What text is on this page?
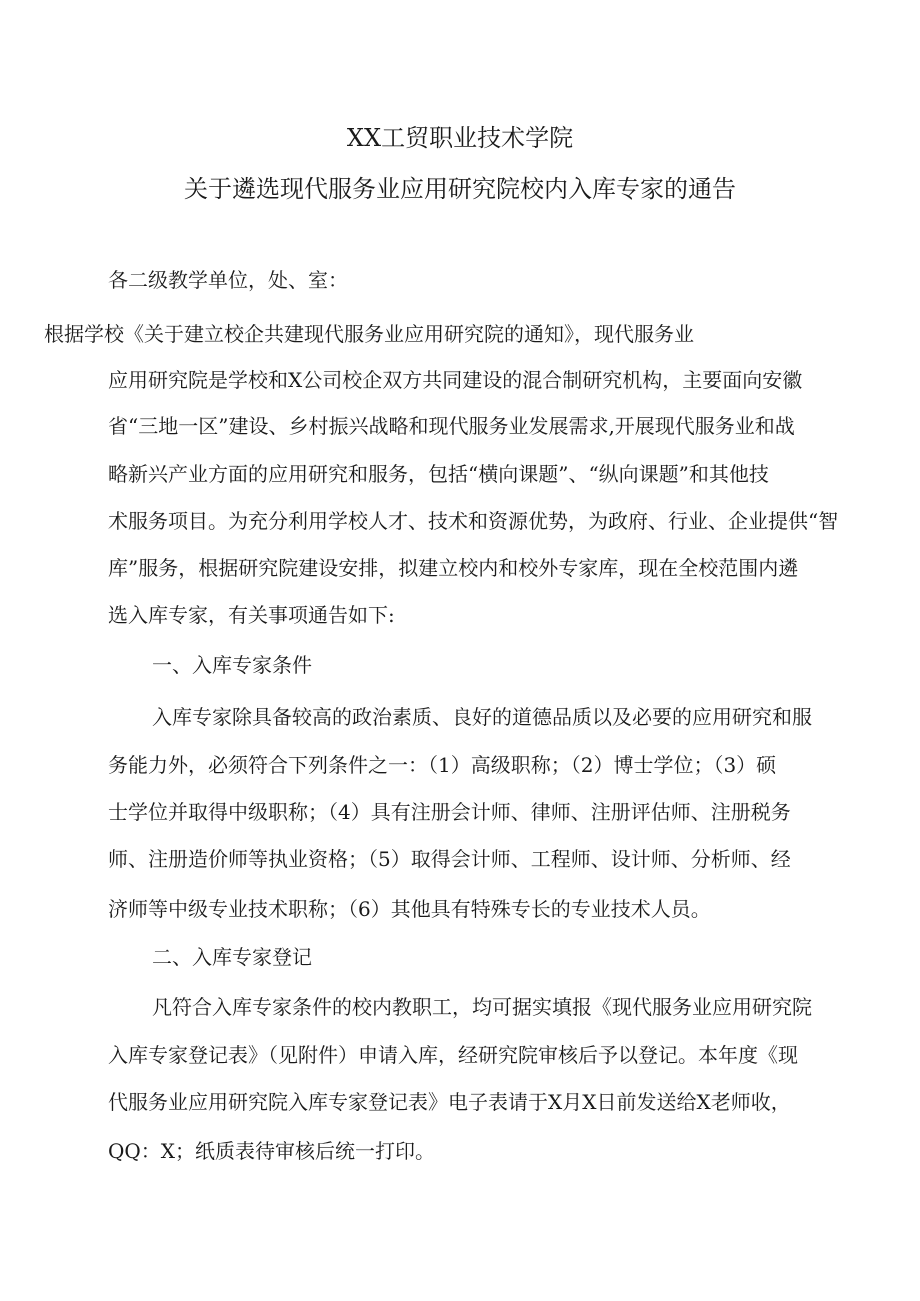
XX工贸职业技术学院
关于遴选现代服务业应用研究院校内入库专家的通告

各二级教学单位，处、室：

根据学校《关于建立校企共建现代服务业应用研究院的通知》，现代服务业

应用研究院是学校和X公司校企双方共同建设的混合制研究机构，主要面向安徽

省“三地一区”建设、乡村振兴战略和现代服务业发展需求,开展现代服务业和战

略新兴产业方面的应用研究和服务，包括“横向课题”、“纵向课题”和其他技

术服务项目。为充分利用学校人才、技术和资源优势，为政府、行业、企业提供“智

库”服务，根据研究院建设安排，拟建立校内和校外专家库，现在全校范围内遴

选入库专家，有关事项通告如下:

一、入库专家条件

入库专家除具备较高的政治素质、良好的道德品质以及必要的应用研究和服

务能力外，必须符合下列条件之一：（1）高级职称；（2）博士学位；（3）硕

士学位并取得中级职称；（4）具有注册会计师、律师、注册评估师、注册税务

师、注册造价师等执业资格；（5）取得会计师、工程师、设计师、分析师、经

济师等中级专业技术职称；（6）其他具有特殊专长的专业技术人员。

二、入库专家登记

凡符合入库专家条件的校内教职工，均可据实填报《现代服务业应用研究院

入库专家登记表》（见附件）申请入库，经研究院审核后予以登记。本年度《现

代服务业应用研究院入库专家登记表》电子表请于X月X日前发送给X老师收，

QQ：X；纸质表待审核后统一打印。
